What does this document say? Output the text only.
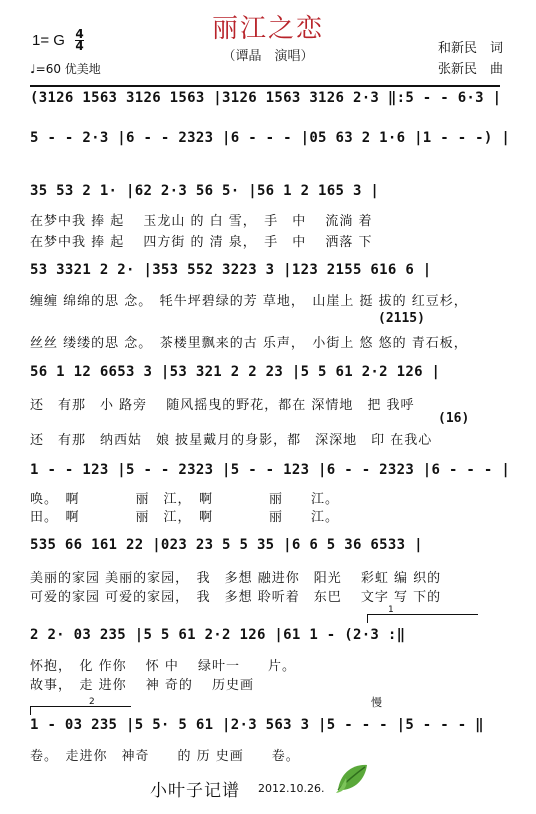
丽江之恋
（谭晶　演唱）
1= G 4
4
♩=60 优美地
和新民　词
张新民　曲
(3126 1563 3126 1563 |3126 1563 3126 2·3 ‖:5 - - 6·3 |
5 - - 2·3 |6 - - 2323 |6 - - - |05 63 2 1·6 |1 - - -) |
35 53 2 1· |62 2·3 56 5· |56 1 2 165 3 |
在梦中我 捧 起　 玉龙山 的 白 雪，　手　中　 流淌 着
在梦中我 捧 起　 四方街 的 清 泉，　手　中　 洒落 下
53 3321 2 2· |353 552 3223 3 |123 2155 616 6 |
缠缠 绵绵的思 念。　牦牛坪碧绿的芳 草地，　山崖上 挺 拔的 红豆杉，
(2115)
丝丝 缕缕的思 念。　茶楼里飘来的古 乐声，　小街上 悠 悠的 青石板，
56 1 12 6653 3 |53 321 2 2 23 |5 5 61 2·2 126 |
还　有那　小 路旁　 随风摇曳的野花，都在 深情地　把 我呼
(16)
还　有那　纳西姑　娘 披星戴月的身影，都　深深地　印 在我心
1 - - 123 |5 - - 2323 |5 - - 123 |6 - - 2323 |6 - - - |
唤。　啊　　　　丽　江，　啊　　　　丽　　江。
田。　啊　　　　丽　江，　啊　　　　丽　　江。
535 66 161 22 |023 23 5 5 35 |6 6 5 36 6533 |
美丽的家园 美丽的家园，　我　多想 融进你　阳光　 彩虹 编 织的
可爱的家园 可爱的家园，　我　多想 聆听着　东巴　 文字 写 下的
1
2 2· 03 235 |5 5 61 2·2 126 |61 1 - (2·3 :‖
怀抱，　化 作你　 怀 中　 绿叶一　　片。
故事，　走 进你　 神 奇的　 历史画
2	慢
1 - 03 235 |5 5· 5 61 |2·3 563 3 |5 - - - |5 - - - ‖
卷。　走进你　神奇　　的 历 史画　　卷。
小叶子记谱 2012.10.26.
